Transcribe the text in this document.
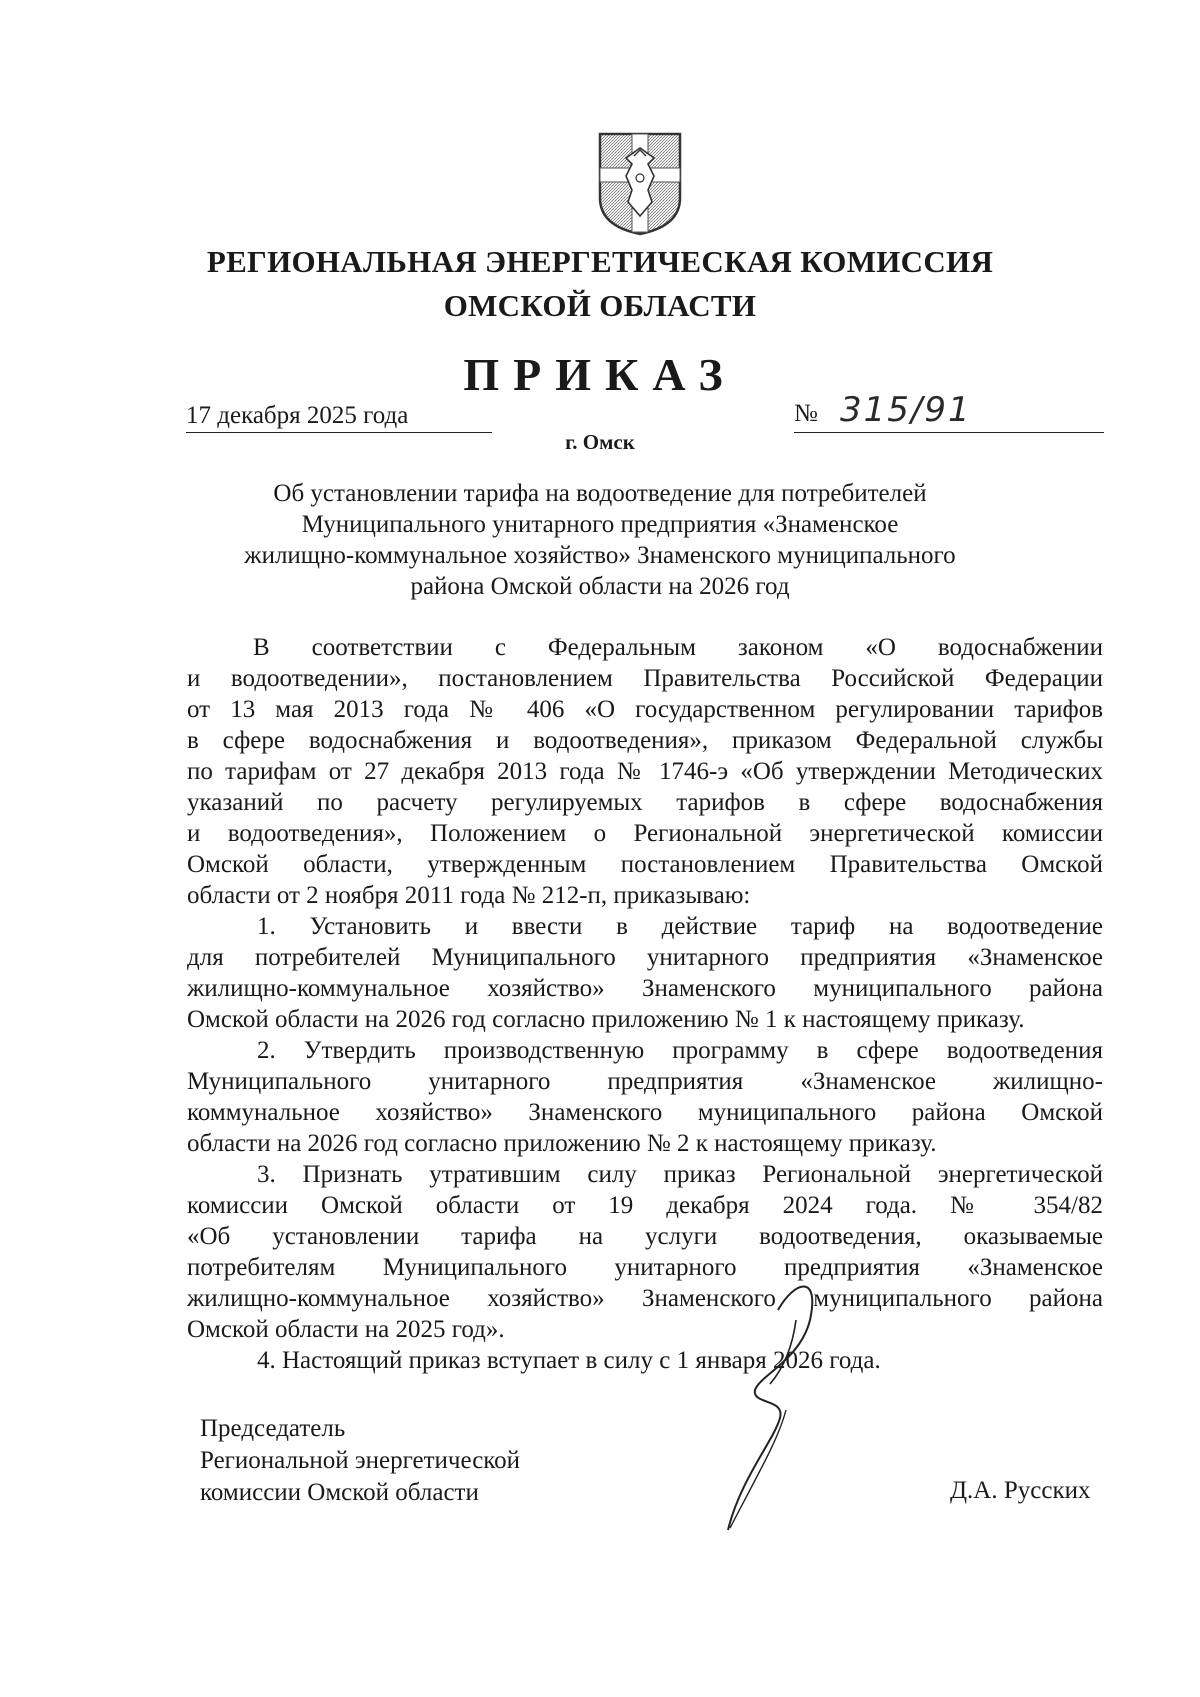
РЕГИОНАЛЬНАЯ ЭНЕРГЕТИЧЕСКАЯ КОМИССИЯ
ОМСКОЙ ОБЛАСТИ
ПРИКАЗ
17 декабря 2025 года	№ 315/91
г. Омск
Об установлении тарифа на водоотведение для потребителей
Муниципального унитарного предприятия «Знаменское
жилищно-коммунальное хозяйство» Знаменского муниципального
района Омской области на 2026 год
В соответствии с Федеральным законом «О водоснабжении
и водоотведении», постановлением Правительства Российской Федерации
от 13 мая 2013 года № 406 «О государственном регулировании тарифов
в сфере водоснабжения и водоотведения», приказом Федеральной службы
по тарифам от 27 декабря 2013 года № 1746-э «Об утверждении Методических
указаний по расчету регулируемых тарифов в сфере водоснабжения
и водоотведения», Положением о Региональной энергетической комиссии
Омской области, утвержденным постановлением Правительства Омской
области от 2 ноября 2011 года № 212-п, приказываю:
1. Установить и ввести в действие тариф на водоотведение
для потребителей Муниципального унитарного предприятия «Знаменское
жилищно-коммунальное хозяйство» Знаменского муниципального района
Омской области на 2026 год согласно приложению № 1 к настоящему приказу.
2. Утвердить производственную программу в сфере водоотведения
Муниципального унитарного предприятия «Знаменское жилищно-
коммунальное хозяйство» Знаменского муниципального района Омской
области на 2026 год согласно приложению № 2 к настоящему приказу.
3. Признать утратившим силу приказ Региональной энергетической
комиссии Омской области от 19 декабря 2024 года. № 354/82
«Об установлении тарифа на услуги водоотведения, оказываемые
потребителям Муниципального унитарного предприятия «Знаменское
жилищно-коммунальное хозяйство» Знаменского муниципального района
Омской области на 2025 год».
4. Настоящий приказ вступает в силу с 1 января 2026 года.
Председатель
Региональной энергетической
комиссии Омской области	Д.А. Русских
